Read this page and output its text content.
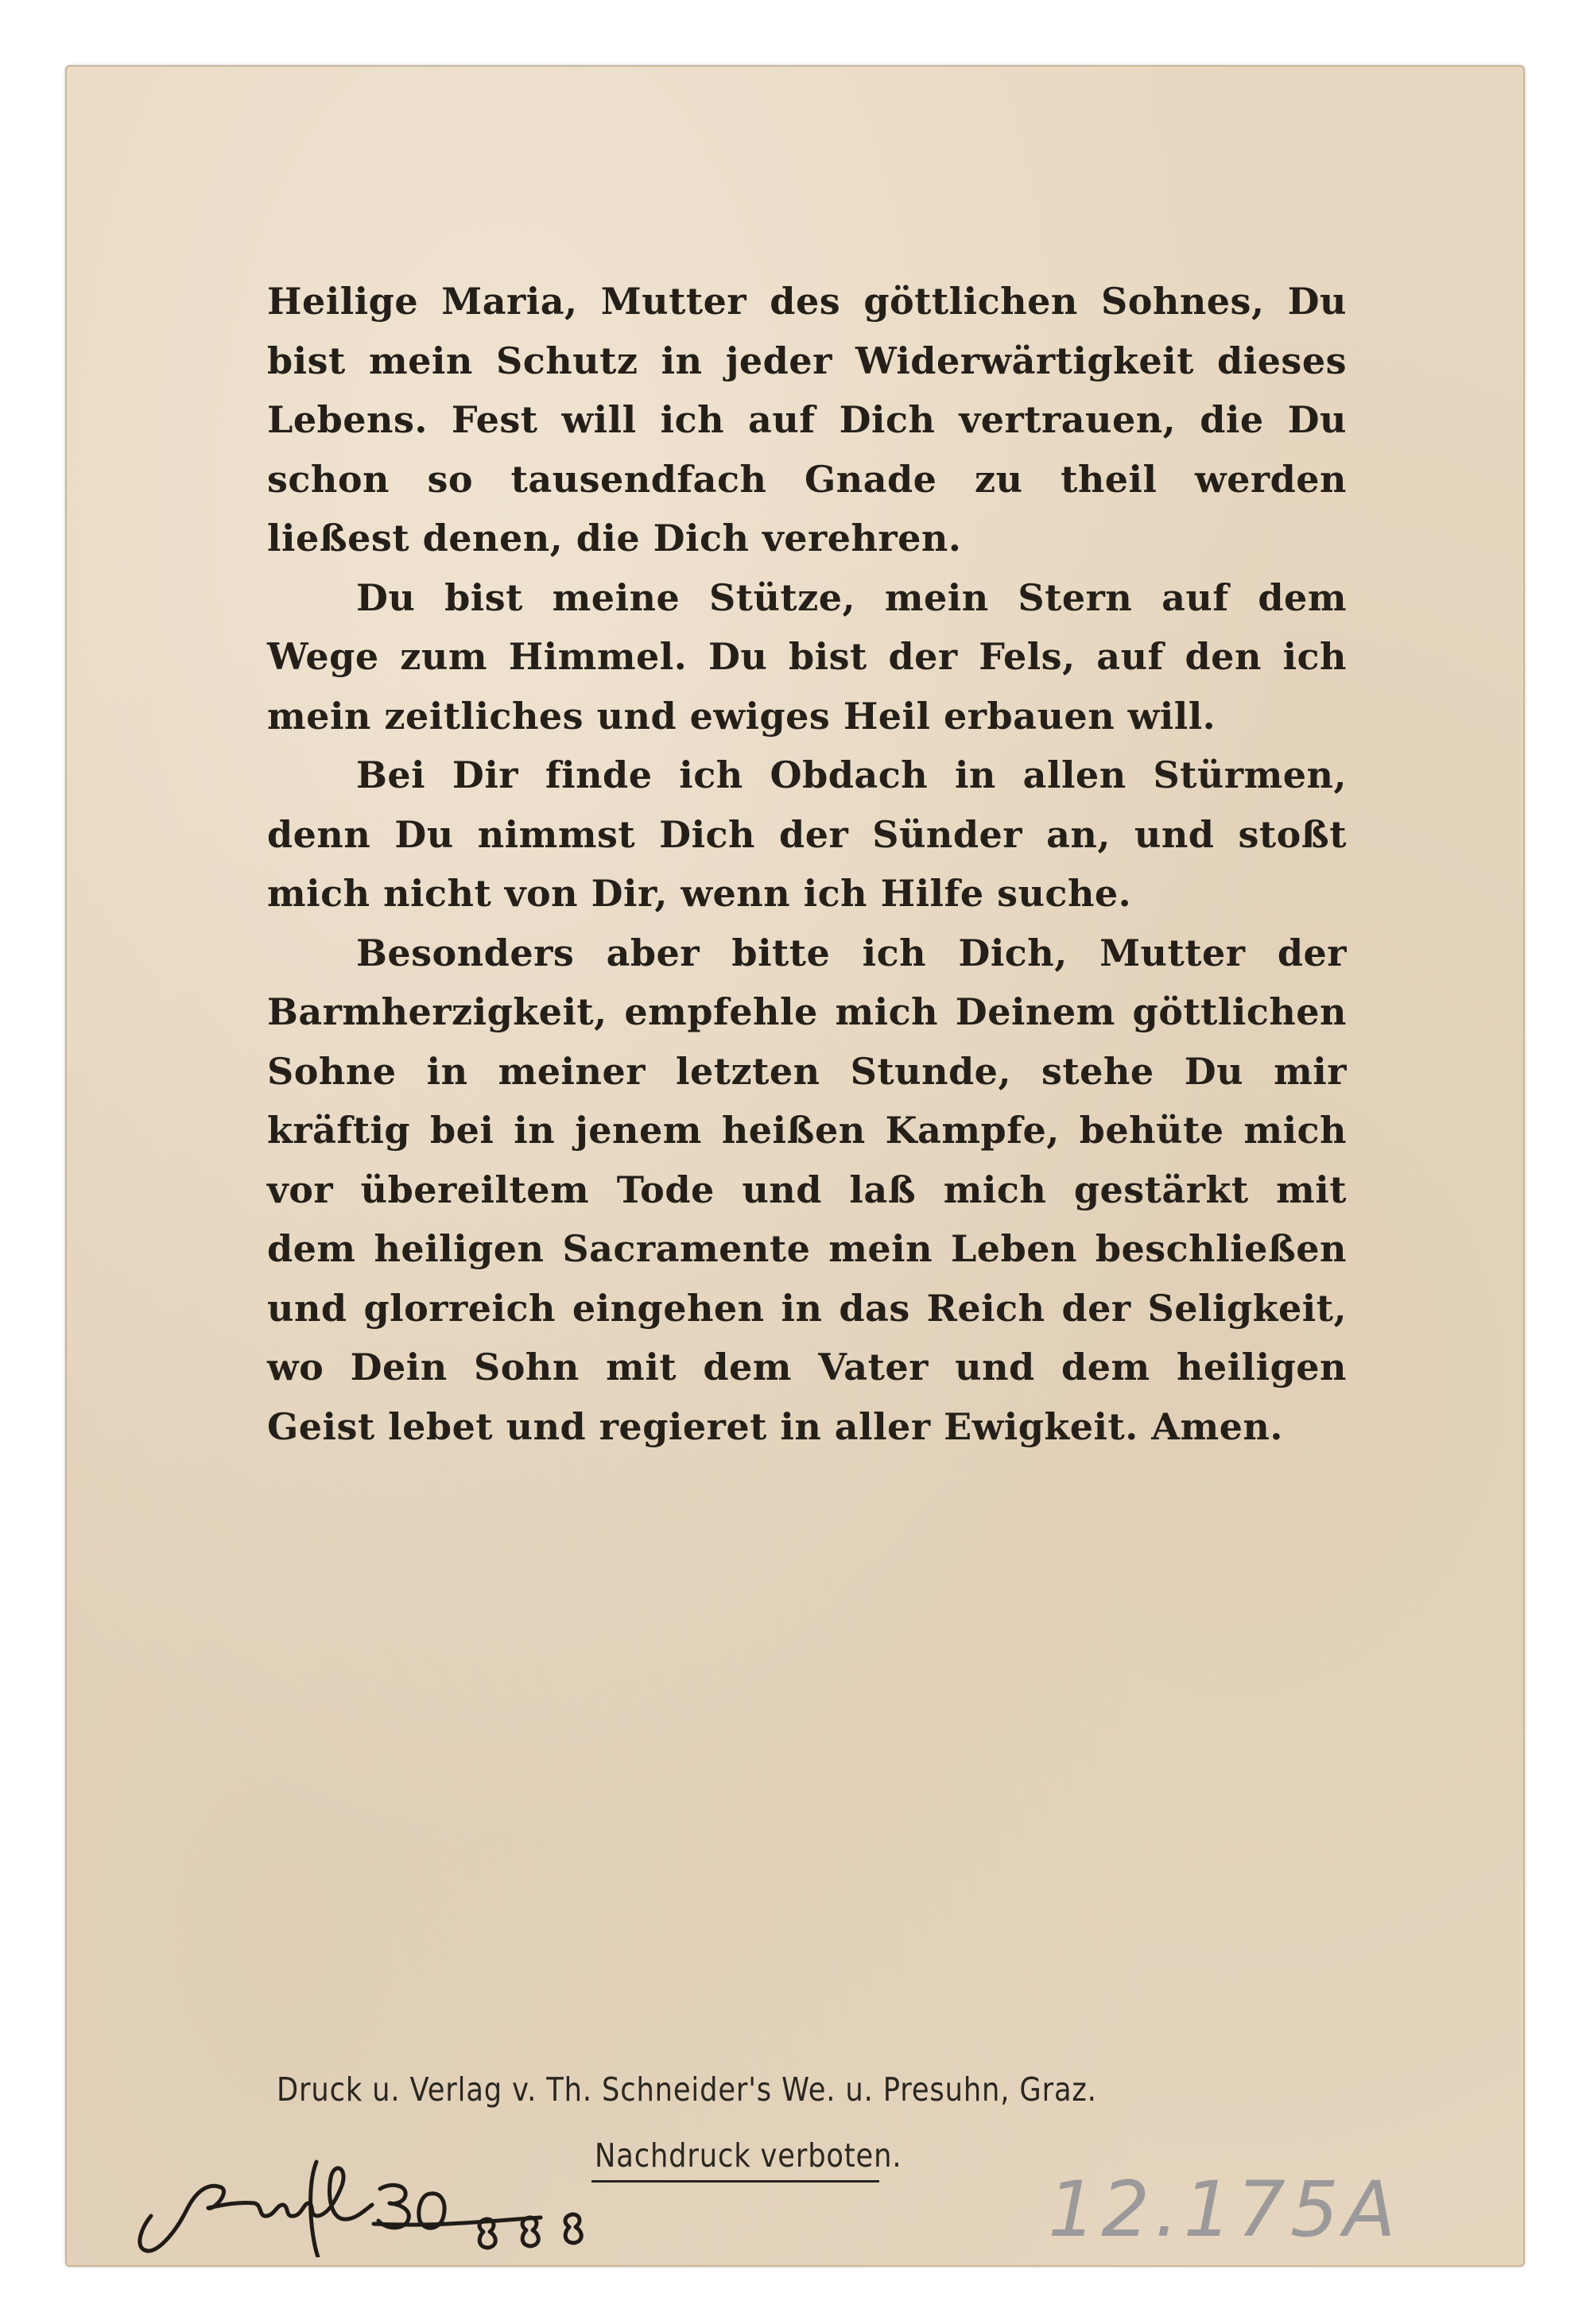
Heilige Maria, Mutter des göttlichen Sohnes, Du bist mein Schutz in jeder Widerwärtigkeit dieses Lebens. Fest will ich auf Dich vertrauen, die Du schon so tausendfach Gnade zu theil werden ließest denen, die Dich verehren.

Du bist meine Stütze, mein Stern auf dem Wege zum Himmel. Du bist der Fels, auf den ich mein zeitliches und ewiges Heil erbauen will.

Bei Dir finde ich Obdach in allen Stürmen, denn Du nimmst Dich der Sünder an, und stoßt mich nicht von Dir, wenn ich Hilfe suche.

Besonders aber bitte ich Dich, Mutter der Barmherzigkeit, empfehle mich Deinem göttlichen Sohne in meiner letzten Stunde, stehe Du mir kräftig bei in jenem heißen Kampfe, behüte mich vor übereiltem Tode und laß mich gestärkt mit dem heiligen Sacramente mein Leben beschließen und glorreich eingehen in das Reich der Seligkeit, wo Dein Sohn mit dem Vater und dem heiligen Geist lebet und regieret in aller Ewigkeit. Amen.

Druck u. Verlag v. Th. Schneider's We. u. Presuhn, Graz.
Nachdruck verboten.
12.175A
